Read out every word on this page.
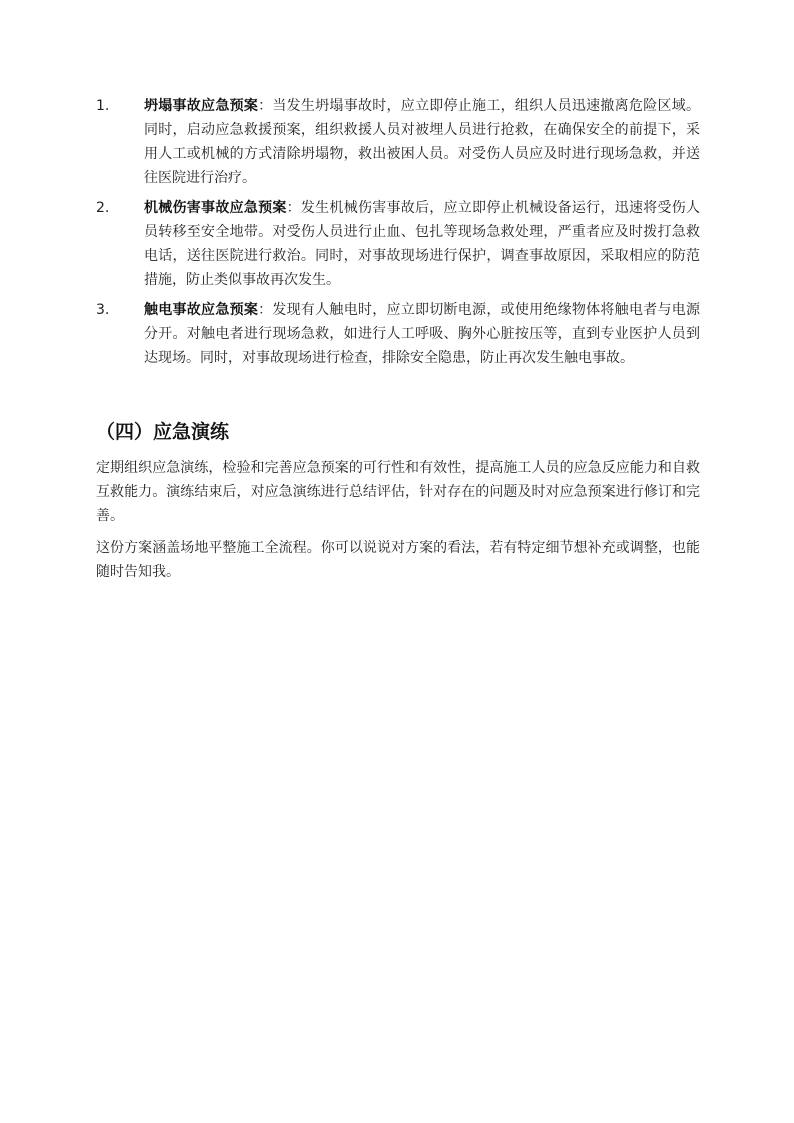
1.	坍塌事故应急预案：当发生坍塌事故时，应立即停止施工，组织人员迅速撤离危险区域。同时，启动应急救援预案，组织救援人员对被埋人员进行抢救，在确保安全的前提下，采用人工或机械的方式清除坍塌物，救出被困人员。对受伤人员应及时进行现场急救，并送往医院进行治疗。
2.	机械伤害事故应急预案：发生机械伤害事故后，应立即停止机械设备运行，迅速将受伤人员转移至安全地带。对受伤人员进行止血、包扎等现场急救处理，严重者应及时拨打急救电话，送往医院进行救治。同时，对事故现场进行保护，调查事故原因，采取相应的防范措施，防止类似事故再次发生。
3.	触电事故应急预案：发现有人触电时，应立即切断电源，或使用绝缘物体将触电者与电源分开。对触电者进行现场急救，如进行人工呼吸、胸外心脏按压等，直到专业医护人员到达现场。同时，对事故现场进行检查，排除安全隐患，防止再次发生触电事故。
（四）应急演练

定期组织应急演练，检验和完善应急预案的可行性和有效性，提高施工人员的应急反应能力和自救互救能力。演练结束后，对应急演练进行总结评估，针对存在的问题及时对应急预案进行修订和完善。

这份方案涵盖场地平整施工全流程。你可以说说对方案的看法，若有特定细节想补充或调整，也能随时告知我。
